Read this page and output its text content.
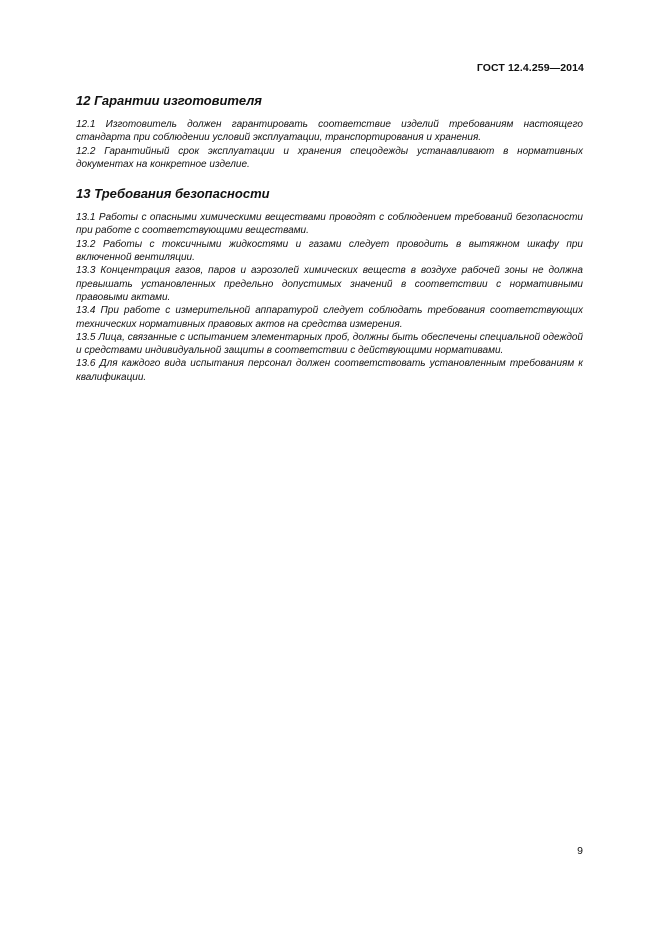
ГОСТ 12.4.259—2014
12 Гарантии изготовителя

12.1 Изготовитель должен гарантировать соответствие изделий требованиям настоящего стандарта при соблюдении условий эксплуатации, транспортирования и хранения.

12.2 Гарантийный срок эксплуатации и хранения спецодежды устанавливают в нормативных документах на конкретное изделие.

13 Требования безопасности

13.1 Работы с опасными химическими веществами проводят с соблюдением требований безопасности при работе с соответствующими веществами.

13.2 Работы с токсичными жидкостями и газами следует проводить в вытяжном шкафу при включенной вентиляции.

13.3 Концентрация газов, паров и аэрозолей химических веществ в воздухе рабочей зоны не должна превышать установленных предельно допустимых значений в соответствии с нормативными правовыми актами.

13.4 При работе с измерительной аппаратурой следует соблюдать требования соответствующих технических нормативных правовых актов на средства измерения.

13.5 Лица, связанные с испытанием элементарных проб, должны быть обеспечены специальной одеждой и средствами индивидуальной защиты в соответствии с действующими нормативами.

13.6 Для каждого вида испытания персонал должен соответствовать установленным требованиям к квалификации.

9
